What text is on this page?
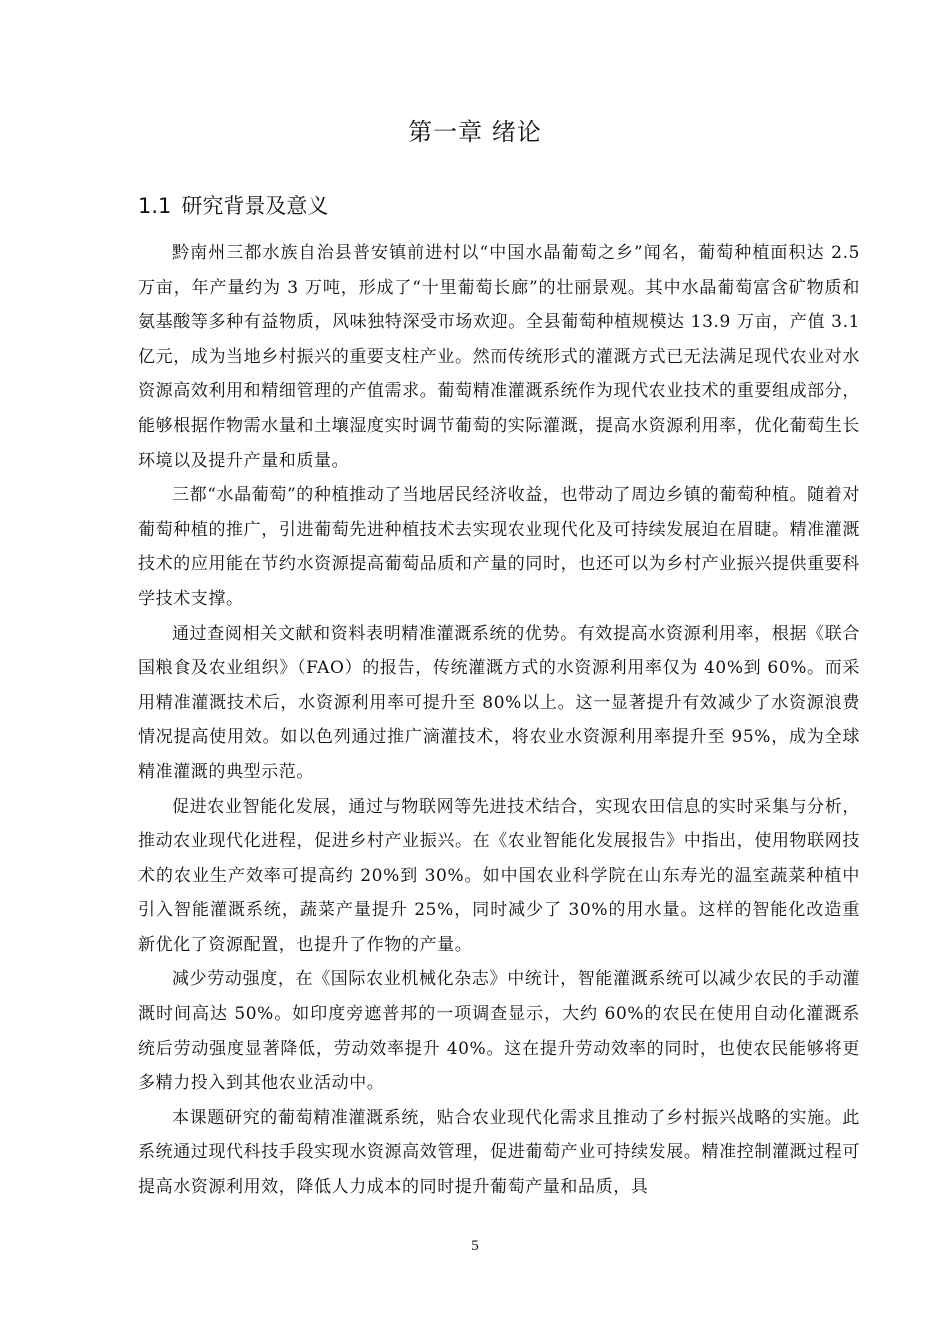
第一章 绪论
1.1 研究背景及意义

黔南州三都水族自治县普安镇前进村以“中国水晶葡萄之乡”闻名，葡萄种植面积达 2.5 万亩，年产量约为 3 万吨，形成了“十里葡萄长廊”的壮丽景观。其中水晶葡萄富含矿物质和氨基酸等多种有益物质，风味独特深受市场欢迎。全县葡萄种植规模达 13.9 万亩，产值 3.1 亿元，成为当地乡村振兴的重要支柱产业。然而传统形式的灌溉方式已无法满足现代农业对水资源高效利用和精细管理的产值需求。葡萄精准灌溉系统作为现代农业技术的重要组成部分，能够根据作物需水量和土壤湿度实时调节葡萄的实际灌溉，提高水资源利用率，优化葡萄生长环境以及提升产量和质量。

三都“水晶葡萄”的种植推动了当地居民经济收益，也带动了周边乡镇的葡萄种植。随着对葡萄种植的推广，引进葡萄先进种植技术去实现农业现代化及可持续发展迫在眉睫。精准灌溉技术的应用能在节约水资源提高葡萄品质和产量的同时，也还可以为乡村产业振兴提供重要科学技术支撑。

通过查阅相关文献和资料表明精准灌溉系统的优势。有效提高水资源利用率，根据《联合国粮食及农业组织》（FAO）的报告，传统灌溉方式的水资源利用率仅为 40%到 60%。而采用精准灌溉技术后，水资源利用率可提升至 80%以上。这一显著提升有效减少了水资源浪费情况提高使用效。如以色列通过推广滴灌技术，将农业水资源利用率提升至 95%，成为全球精准灌溉的典型示范。

促进农业智能化发展，通过与物联网等先进技术结合，实现农田信息的实时采集与分析，推动农业现代化进程，促进乡村产业振兴。在《农业智能化发展报告》中指出，使用物联网技术的农业生产效率可提高约 20%到 30%。如中国农业科学院在山东寿光的温室蔬菜种植中引入智能灌溉系统，蔬菜产量提升 25%，同时减少了 30%的用水量。这样的智能化改造重新优化了资源配置，也提升了作物的产量。

减少劳动强度，在《国际农业机械化杂志》中统计，智能灌溉系统可以减少农民的手动灌溉时间高达 50%。如印度旁遮普邦的一项调查显示，大约 60%的农民在使用自动化灌溉系统后劳动强度显著降低，劳动效率提升 40%。这在提升劳动效率的同时，也使农民能够将更多精力投入到其他农业活动中。

本课题研究的葡萄精准灌溉系统，贴合农业现代化需求且推动了乡村振兴战略的实施。此系统通过现代科技手段实现水资源高效管理，促进葡萄产业可持续发展。精准控制灌溉过程可提高水资源利用效，降低人力成本的同时提升葡萄产量和品质，具

5
